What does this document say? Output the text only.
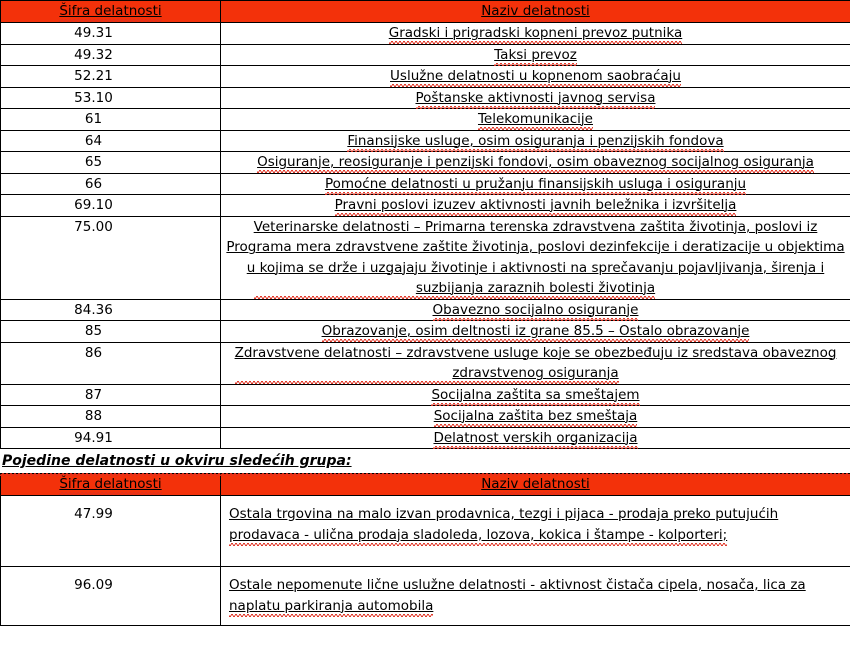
Šifra delatnosti	Naziv delatnosti
49.31	Gradski i prigradski kopneni prevoz putnika
49.32	Taksi prevoz
52.21	Uslužne delatnosti u kopnenom saobraćaju
53.10	Poštanske aktivnosti javnog servisa
61	Telekomunikacije
64	Finansijske usluge, osim osiguranja i penzijskih fondova
65	Osiguranje, reosiguranje i penzijski fondovi, osim obaveznog socijalnog osiguranja
66	Pomoćne delatnosti u pružanju finansijskih usluga i osiguranju
69.10	Pravni poslovi izuzev aktivnosti javnih beležnika i izvršitelja
75.00	Veterinarske delatnosti – Primarna terenska zdravstvena zaštita životinja, poslovi iz Programa mera zdravstvene zaštite životinja, poslovi dezinfekcije i deratizacije u objektima u kojima se drže i uzgajaju životinje i aktivnosti na sprečavanju pojavljivanja, širenja i suzbijanja zaraznih bolesti životinja
84.36	Obavezno socijalno osiguranje
85	Obrazovanje, osim deltnosti iz grane 85.5 – Ostalo obrazovanje
86	Zdravstvene delatnosti – zdravstvene usluge koje se obezbeđuju iz sredstava obaveznog zdravstvenog osiguranja
87	Socijalna zaštita sa smeštajem
88	Socijalna zaštita bez smeštaja
94.91	Delatnost verskih organizacija
Pojedine delatnosti u okviru sledećih grupa:
Šifra delatnosti	Naziv delatnosti
47.99	Ostala trgovina na malo izvan prodavnica, tezgi i pijaca - prodaja preko putujućih prodavaca - ulična prodaja sladoleda, lozova, kokica i štampe - kolporteri;
96.09	Ostale nepomenute lične uslužne delatnosti - aktivnost čistača cipela, nosača, lica za naplatu parkiranja automobila
